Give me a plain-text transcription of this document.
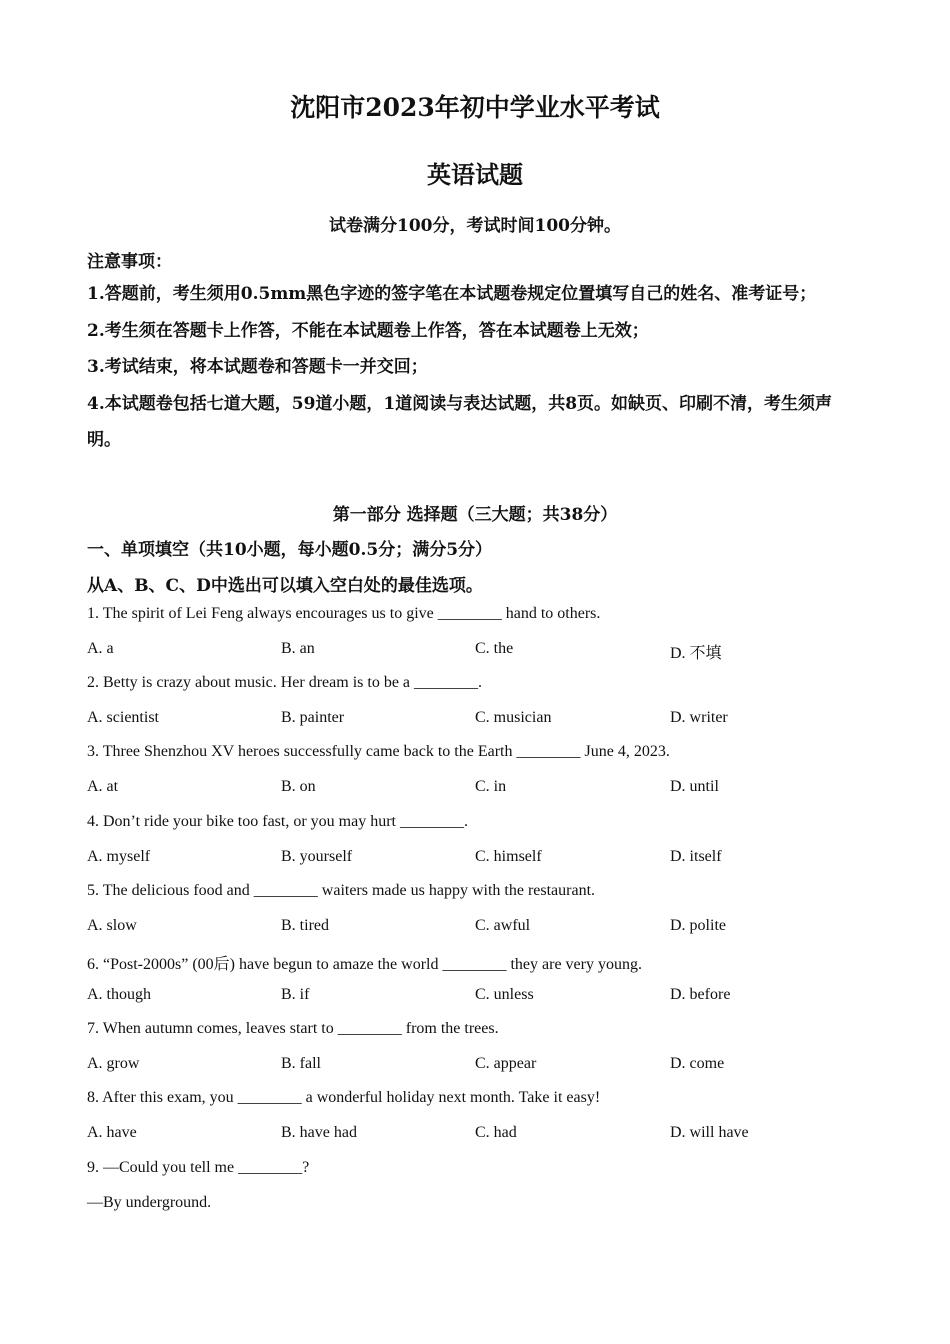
沈阳市2023年初中学业水平考试
英语试题
试卷满分100分，考试时间100分钟。
注意事项：

1.答题前，考生须用0.5mm黑色字迹的签字笔在本试题卷规定位置填写自己的姓名、准考证号；

2.考生须在答题卡上作答，不能在本试题卷上作答，答在本试题卷上无效；

3.考试结束，将本试题卷和答题卡一并交回；

4.本试题卷包括七道大题，59道小题，1道阅读与表达试题，共8页。如缺页、印刷不清，考生须声明。

第一部分 选择题（三大题；共38分）
一、单项填空（共10小题，每小题0.5分；满分5分）
从A、B、C、D中选出可以填入空白处的最佳选项。
1. The spirit of Lei Feng always encourages us to give ________ hand to others.
A. a	B. an	C. the	D. 不填
2. Betty is crazy about music. Her dream is to be a ________.
A. scientist	B. painter	C. musician	D. writer
3. Three Shenzhou XV heroes successfully came back to the Earth ________ June 4, 2023.
A. at	B. on	C. in	D. until
4. Don’t ride your bike too fast, or you may hurt ________.
A. myself	B. yourself	C. himself	D. itself
5. The delicious food and ________ waiters made us happy with the restaurant.
A. slow	B. tired	C. awful	D. polite
6. “Post-2000s” (00后) have begun to amaze the world ________ they are very young.
A. though	B. if	C. unless	D. before
7. When autumn comes, leaves start to ________ from the trees.
A. grow	B. fall	C. appear	D. come
8. After this exam, you ________ a wonderful holiday next month. Take it easy!
A. have	B. have had	C. had	D. will have
9. —Could you tell me ________?
—By underground.
